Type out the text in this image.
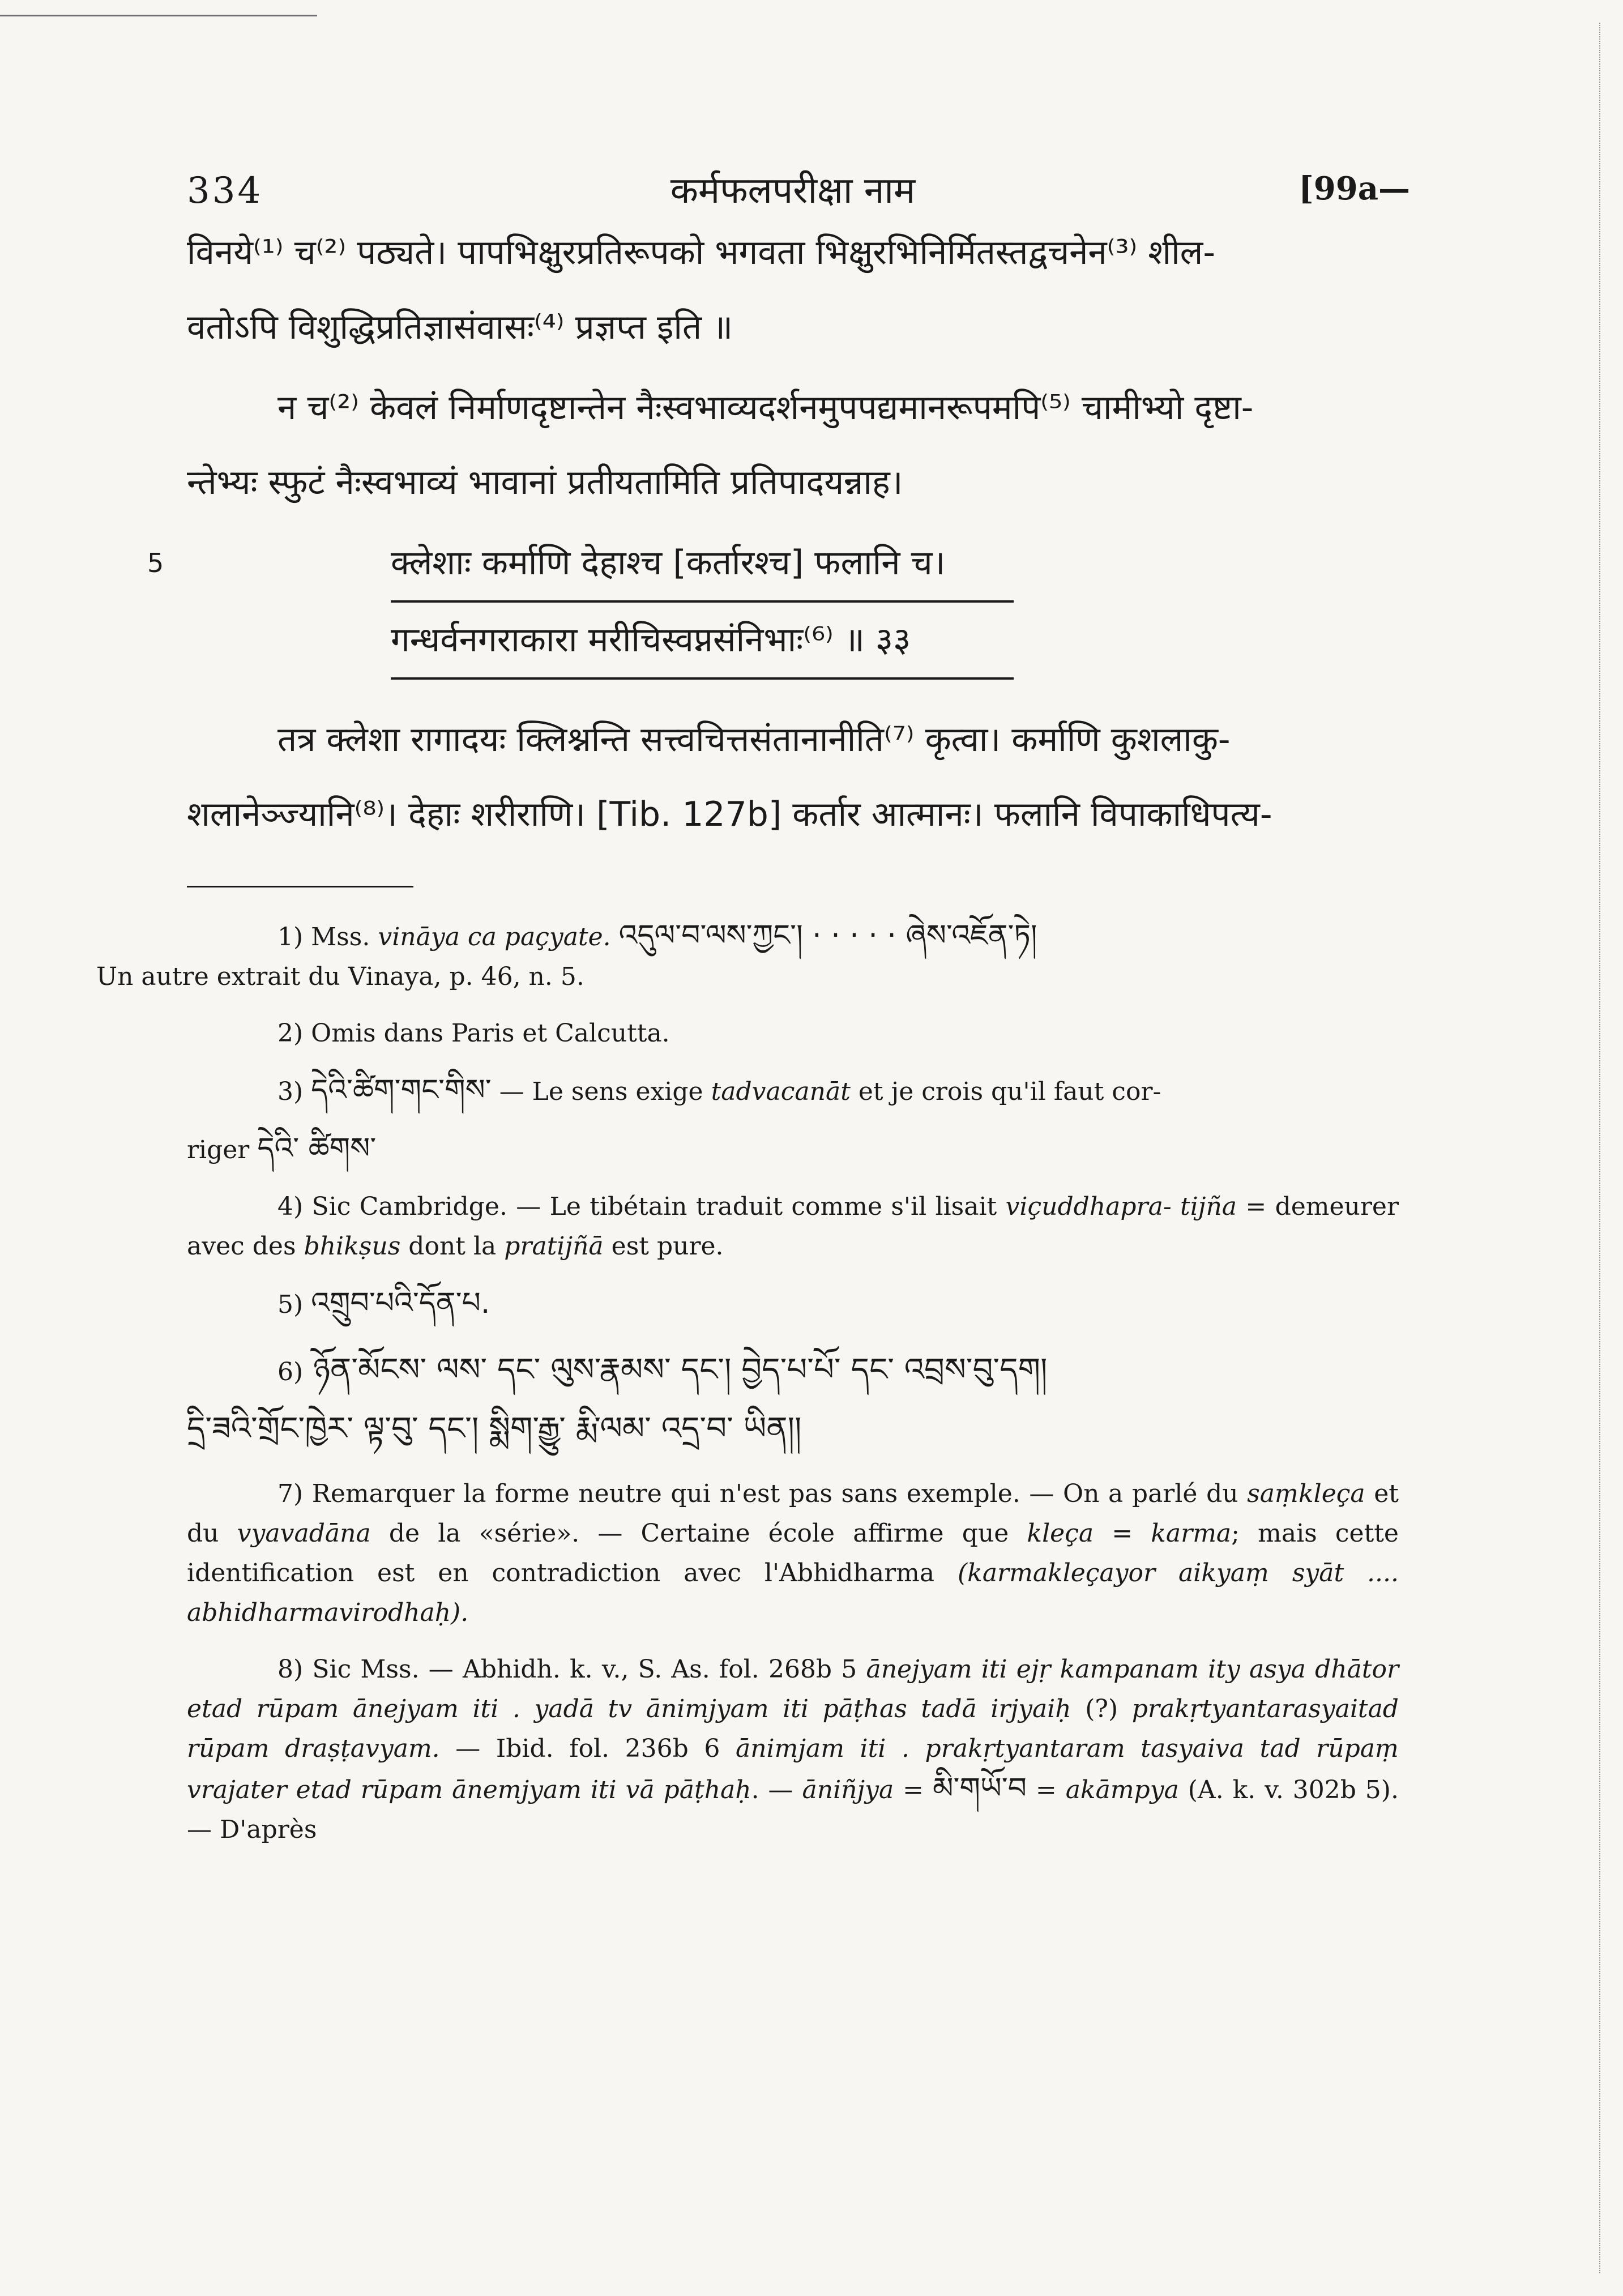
334	कर्मफलपरीक्षा नाम	[99a—
विनये⁽¹⁾ च⁽²⁾ पठ्यते। पापभिक्षुरप्रतिरूपको भगवता भिक्षुरभिनिर्मितस्तद्वचनेन⁽³⁾ शील-
वतोऽपि विशुद्धिप्रतिज्ञासंवासः⁽⁴⁾ प्रज्ञप्त इति ॥
न च⁽²⁾ केवलं निर्माणदृष्टान्तेन नैःस्वभाव्यदर्शनमुपपद्यमानरूपमपि⁽⁵⁾ चामीभ्यो दृष्टा-
न्तेभ्यः स्फुटं नैःस्वभाव्यं भावानां प्रतीयतामिति प्रतिपादयन्नाह।
5	क्लेशाः कर्माणि देहाश्च [कर्तारश्च] फलानि च।
गन्धर्वनगराकारा मरीचिस्वप्नसंनिभाः⁽⁶⁾ ॥ ३३
तत्र क्लेशा रागादयः क्लिश्नन्ति सत्त्वचित्तसंतानानीति⁽⁷⁾ कृत्वा। कर्माणि कुशलाकु-
शलानेञ्ज्यानि⁽⁸⁾। देहाः शरीराणि। [Tib. 127b] कर्तार आत्मानः। फलानि विपाकाधिपत्य-
1) Mss. vināya ca paçyate. འདུལ་བ་ལས་ཀྱང་། · · · · · ཞེས་འཇོན་ཏེ།
Un autre extrait du Vinaya, p. 46, n. 5.
2) Omis dans Paris et Calcutta.
3) དེའི་ཚིག་གང་གིས་ — Le sens exige tadvacanāt et je crois qu'il faut cor-
riger དེའི་ ཚིགས་
4) Sic Cambridge. — Le tibétain traduit comme s'il lisait viçuddhapra- tijña = demeurer avec des bhikṣus dont la pratijñā est pure.
5) འགྲུབ་པའི་དོན་པ.
6) ཉོན་མོངས་ ལས་ དང་ ལུས་རྣམས་ དང་། བྱེད་པ་པོ་ དང་ འབྲས་བུ་དག།
དྲི་ཟའི་གྲོང་ཁྱེར་ ལྟ་བུ་ དང་། སྨིག་རྒྱུ་ རྨི་ལམ་ འདྲ་བ་ ཡིན།།
7) Remarquer la forme neutre qui n'est pas sans exemple. — On a parlé du saṃkleça et du vyavadāna de la «série». — Certaine école affirme que kleça = karma; mais cette identification est en contradiction avec l'Abhidharma (karmakleçayor aikyaṃ syāt .... abhidharmavirodhaḥ).
8) Sic Mss. — Abhidh. k. v., S. As. fol. 268b 5 ānejyam iti ejṛ kampanam ity asya dhātor etad rūpam ānejyam iti . yadā tv ānimjyam iti pāṭhas tadā irjyaiḥ (?) prakṛtyantarasyaitad rūpam draṣṭavyam. — Ibid. fol. 236b 6 ānimjam iti . prakṛtyantaram tasyaiva tad rūpaṃ vrajater etad rūpam ānemjyam iti vā pāṭhaḥ. — āniñjya = མི་གཡོ་བ = akāmpya (A. k. v. 302b 5). — D'après
